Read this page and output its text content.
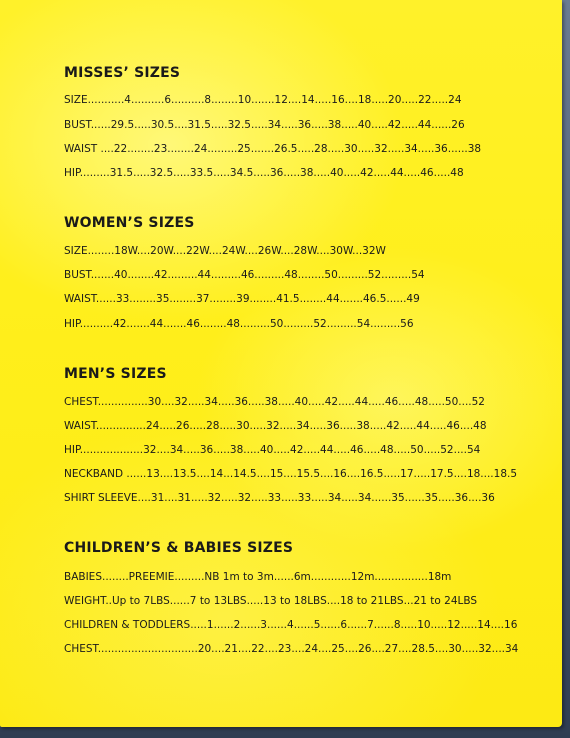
MISSES’ SIZES
SIZE...........4..........6..........8........10.......12....14.....16....18.....20.....22.....24
BUST......29.5.....30.5....31.5.....32.5.....34.....36.....38.....40.....42.....44......26
WAIST ....22........23........24.........25.......26.5.....28.....30.....32.....34.....36......38
HIP.........31.5.....32.5.....33.5.....34.5.....36.....38.....40.....42.....44.....46.....48
WOMEN’S SIZES
SIZE........18W....20W....22W....24W....26W....28W....30W...32W
BUST.......40........42.........44.........46.........48........50.........52.........54
WAIST......33........35........37........39........41.5........44.......46.5......49
HIP..........42.......44.......46........48.........50.........52.........54.........56
MEN’S SIZES
CHEST...............30....32.....34.....36.....38.....40.....42.....44.....46.....48.....50....52
WAIST...............24.....26.....28.....30.....32.....34.....36.....38.....42.....44.....46....48
HIP...................32....34.....36.....38.....40.....42.....44.....46.....48.....50.....52....54
NECKBAND ......13....13.5....14...14.5....15....15.5....16....16.5.....17.....17.5....18....18.5
SHIRT SLEEVE....31....31.....32.....32.....33.....33.....34.....34......35......35.....36....36
CHILDREN’S & BABIES SIZES
BABIES........PREEMIE.........NB 1m to 3m......6m............12m................18m
WEIGHT..Up to 7LBS......7 to 13LBS.....13 to 18LBS....18 to 21LBS...21 to 24LBS
CHILDREN & TODDLERS.....1......2......3......4......5......6......7......8.....10.....12.....14....16
CHEST..............................20....21....22....23....24....25....26....27....28.5....30.....32....34
